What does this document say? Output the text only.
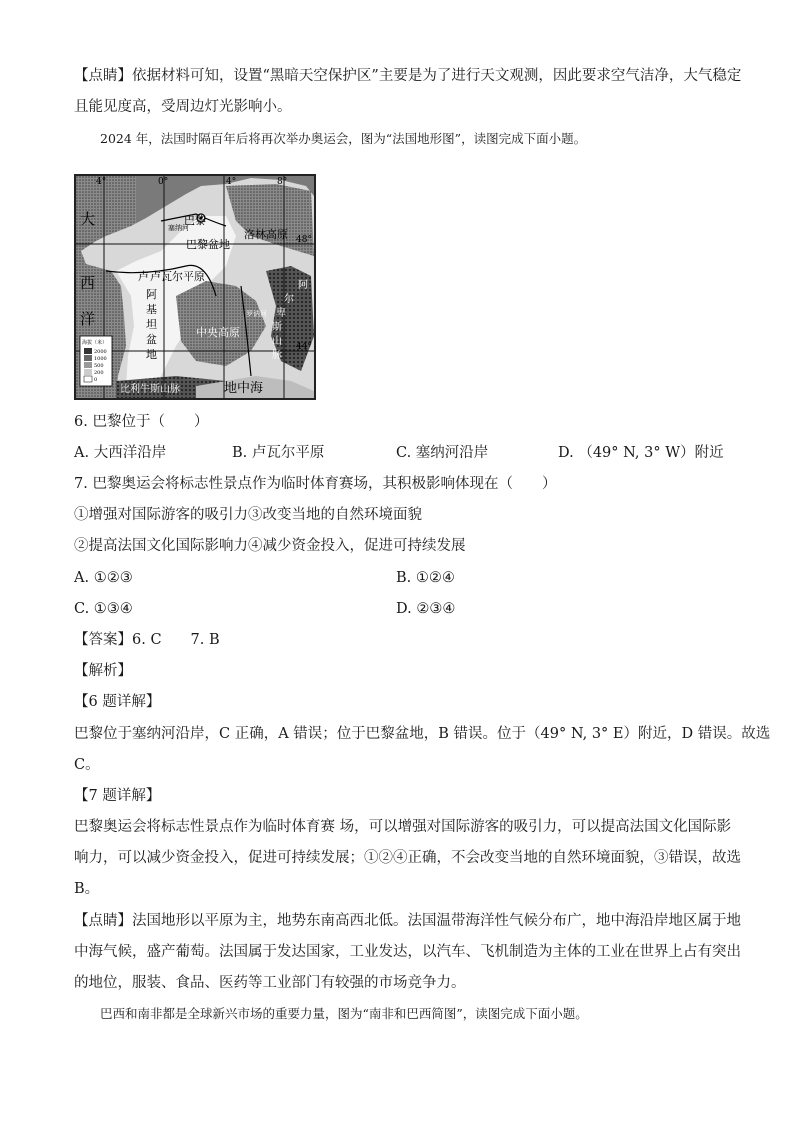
【点睛】依据材料可知，设置“黑暗天空保护区”主要是为了进行天文观测，因此要求空气洁净，大气稳定
且能见度高，受周边灯光影响小。
2024 年，法国时隔百年后将再次举办奥运会，图为“法国地形图”，读图完成下面小题。
4°	0°	4°	8°
48°
44°
大
西
洋
巴黎
巴黎盆地
塞纳河	洛林高原
卢瓦尔平原
卢
阿
基
坦
盆
地
中央高原
罗讷河
阿
尔
卑
斯
山
脉
比利牛斯山脉	地中海
海拔（米）
2000
1000
500
200
0
6. 巴黎位于（　　）
A. 大西洋沿岸	B. 卢瓦尔平原	C. 塞纳河沿岸	D. （49° N, 3° W）附近
7. 巴黎奥运会将标志性景点作为临时体育赛场，其积极影响体现在（　　）
①增强对国际游客的吸引力③改变当地的自然环境面貌
②提高法国文化国际影响力④减少资金投入，促进可持续发展
A. ①②③	B. ①②④
C. ①③④	D. ②③④
【答案】6. C　　7. B
【解析】
【6 题详解】
巴黎位于塞纳河沿岸，C 正确，A 错误；位于巴黎盆地，B 错误。位于（49° N, 3° E）附近，D 错误。故选
C。
【7 题详解】
巴黎奥运会将标志性景点作为临时体育赛 场，可以增强对国际游客的吸引力，可以提高法国文化国际影
响力，可以减少资金投入，促进可持续发展；①②④正确，不会改变当地的自然环境面貌，③错误，故选
B。
【点睛】法国地形以平原为主，地势东南高西北低。法国温带海洋性气候分布广，地中海沿岸地区属于地
中海气候，盛产葡萄。法国属于发达国家，工业发达，以汽车、飞机制造为主体的工业在世界上占有突出
的地位，服装、食品、医药等工业部门有较强的市场竞争力。
巴西和南非都是全球新兴市场的重要力量，图为“南非和巴西简图”，读图完成下面小题。
